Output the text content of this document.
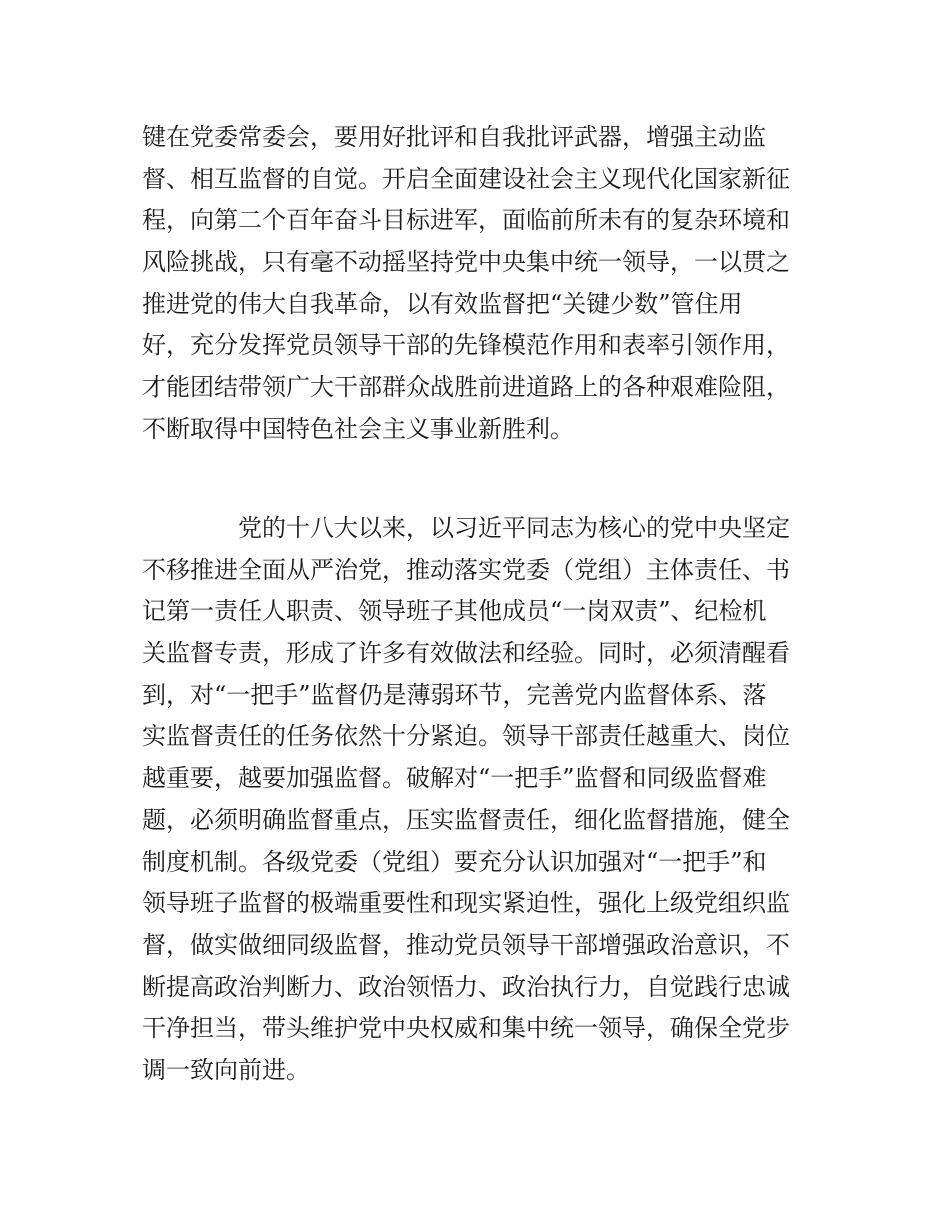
键在党委常委会，要用好批评和自我批评武器，增强主动监
督、相互监督的自觉。开启全面建设社会主义现代化国家新征
程，向第二个百年奋斗目标进军，面临前所未有的复杂环境和
风险挑战，只有毫不动摇坚持党中央集中统一领导，一以贯之
推进党的伟大自我革命，以有效监督把“关键少数”管住用
好，充分发挥党员领导干部的先锋模范作用和表率引领作用，
才能团结带领广大干部群众战胜前进道路上的各种艰难险阻，
不断取得中国特色社会主义事业新胜利。
党的十八大以来，以习近平同志为核心的党中央坚定
不移推进全面从严治党，推动落实党委（党组）主体责任、书
记第一责任人职责、领导班子其他成员“一岗双责”、纪检机
关监督专责，形成了许多有效做法和经验。同时，必须清醒看
到，对“一把手”监督仍是薄弱环节，完善党内监督体系、落
实监督责任的任务依然十分紧迫。领导干部责任越重大、岗位
越重要，越要加强监督。破解对“一把手”监督和同级监督难
题，必须明确监督重点，压实监督责任，细化监督措施，健全
制度机制。各级党委（党组）要充分认识加强对“一把手”和
领导班子监督的极端重要性和现实紧迫性，强化上级党组织监
督，做实做细同级监督，推动党员领导干部增强政治意识，不
断提高政治判断力、政治领悟力、政治执行力，自觉践行忠诚
干净担当，带头维护党中央权威和集中统一领导，确保全党步
调一致向前进。
